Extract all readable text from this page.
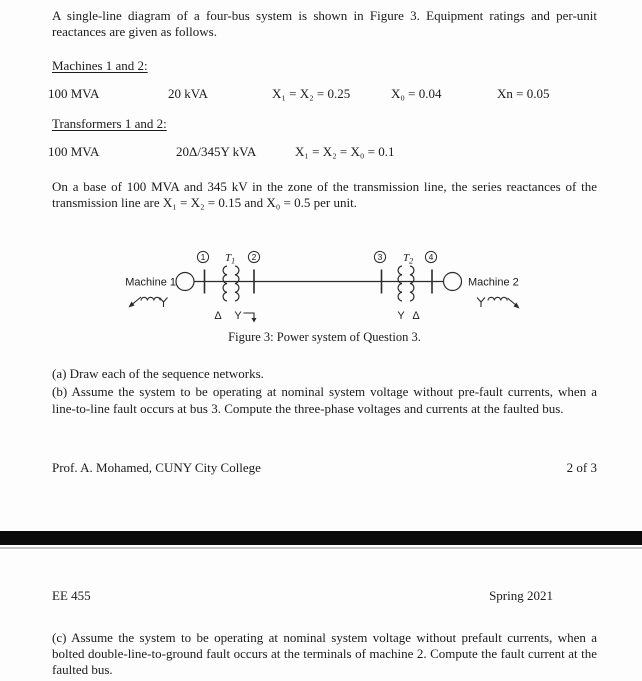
A single-line diagram of a four-bus system is shown in Figure 3. Equipment ratings and per-unit reactances are given as follows.

Machines 1 and 2:
100 MVA	20 kVA	X₁ = X₂ = 0.25	X₀ = 0.04	Xn = 0.05
Transformers 1 and 2:
100 MVA	20Δ/345Y kVA	X₁ = X₂ = X₀ = 0.1

On a base of 100 MVA and 345 kV in the zone of the transmission line, the series reactances of the transmission line are X₁ = X₂ = 0.15 and X₀ = 0.5 per unit.

Machine 1
1	2	3	4
$T_1$
Δ Y
$T_2$
Y Δ
Machine 2
Figure 3: Power system of Question 3.

(a) Draw each of the sequence networks.

(b) Assume the system to be operating at nominal system voltage without pre-fault currents, when a line-to-line fault occurs at bus 3. Compute the three-phase voltages and currents at the faulted bus.

Prof. A. Mohamed, CUNY City College	2 of 3
EE 455	Spring 2021

(c) Assume the system to be operating at nominal system voltage without prefault currents, when a bolted double-line-to-ground fault occurs at the terminals of machine 2. Compute the fault current at the faulted bus.
